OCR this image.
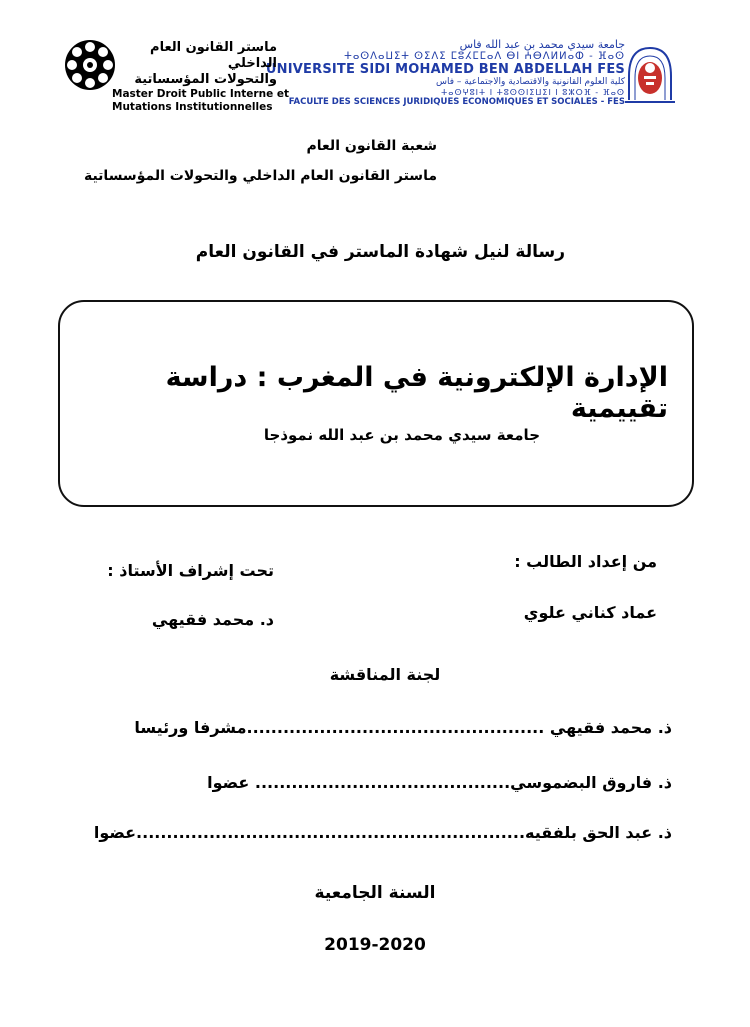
جامعة سيدي محمد بن عبد الله فاس
ⵜⴰⵙⴷⴰⵡⵉⵜ ⵙⵉⴷⵉ ⵎⵓⵃⵎⵎⴰⴷ ⴱⵏ ⵄⴱⴷⵍⵍⴰⵀ - ⴼⴰⵙ
UNIVERSITE SIDI MOHAMED BEN ABDELLAH FES
كلية العلوم القانونية والاقتصادية والاجتماعية – فاس
ⵜⴰⵙⵖⵓⵏⵜ ⵏ ⵜⵓⵙⵙⵏⵉⵡⵉⵏ ⵏ ⵓⵣⵔⴼ - ⴼⴰⵙ
FACULTE DES SCIENCES JURIDIQUES ECONOMIQUES ET SOCIALES - FES
ماستر القانون العام الداخلي
والتحولات المؤسساتية
Master Droit Public Interne et
Mutations Institutionnelles
شعبة القانون العام
ماستر القانون العام الداخلي والتحولات المؤسساتية
رسالة لنيل شهادة الماستر في القانون العام
الإدارة الإلكترونية في المغرب : دراسة تقييمية
جامعة سيدي محمد بن عبد الله نموذجا
من إعداد الطالب :
عماد كناني علوي
تحت إشراف الأستاذ :
د. محمد فقيهي
لجنة المناقشة
ذ. محمد فقيهي .................................................مشرفا ورئيسا
ذ. فاروق البضموسي.......................................... عضوا
ذ. عبد الحق بلفقيه................................................................عضوا
السنة الجامعية
2019-2020
